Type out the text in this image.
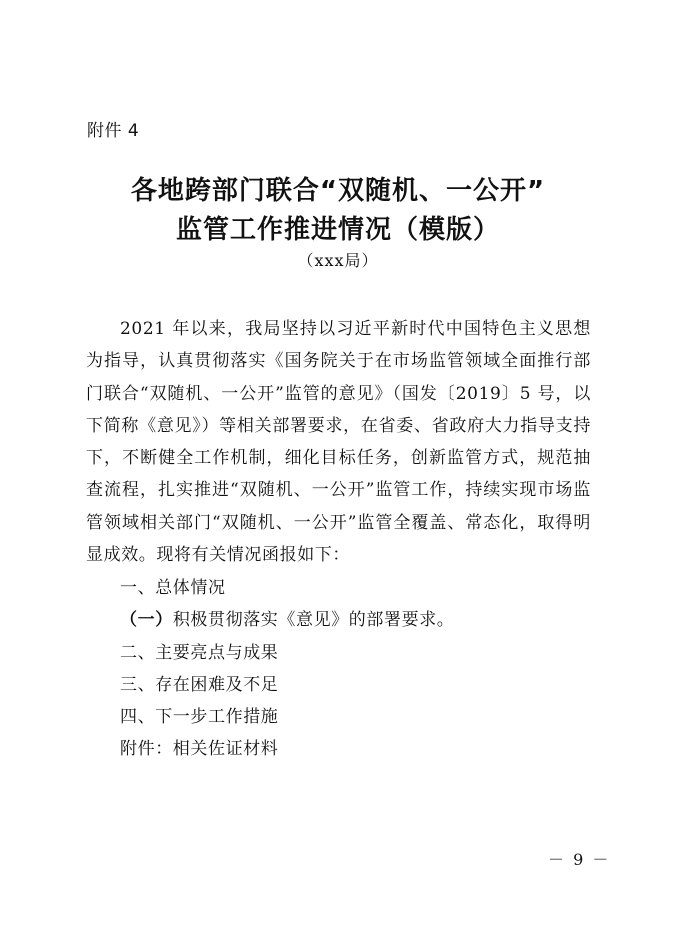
附件 4
各地跨部门联合“双随机、一公开”
监管工作推进情况（模版）
（xxx局）
2021 年以来，我局坚持以习近平新时代中国特色主义思想为指导，认真贯彻落实《国务院关于在市场监管领域全面推行部门联合“双随机、一公开”监管的意见》（国发〔2019〕5 号，以下简称《意见》）等相关部署要求，在省委、省政府大力指导支持下，不断健全工作机制，细化目标任务，创新监管方式，规范抽查流程，扎实推进“双随机、一公开”监管工作，持续实现市场监管领域相关部门“双随机、一公开”监管全覆盖、常态化，取得明显成效。现将有关情况函报如下：
一、总体情况
（一）积极贯彻落实《意见》的部署要求。
二、主要亮点与成果
三、存在困难及不足
四、下一步工作措施
附件：相关佐证材料
－ 9 －
